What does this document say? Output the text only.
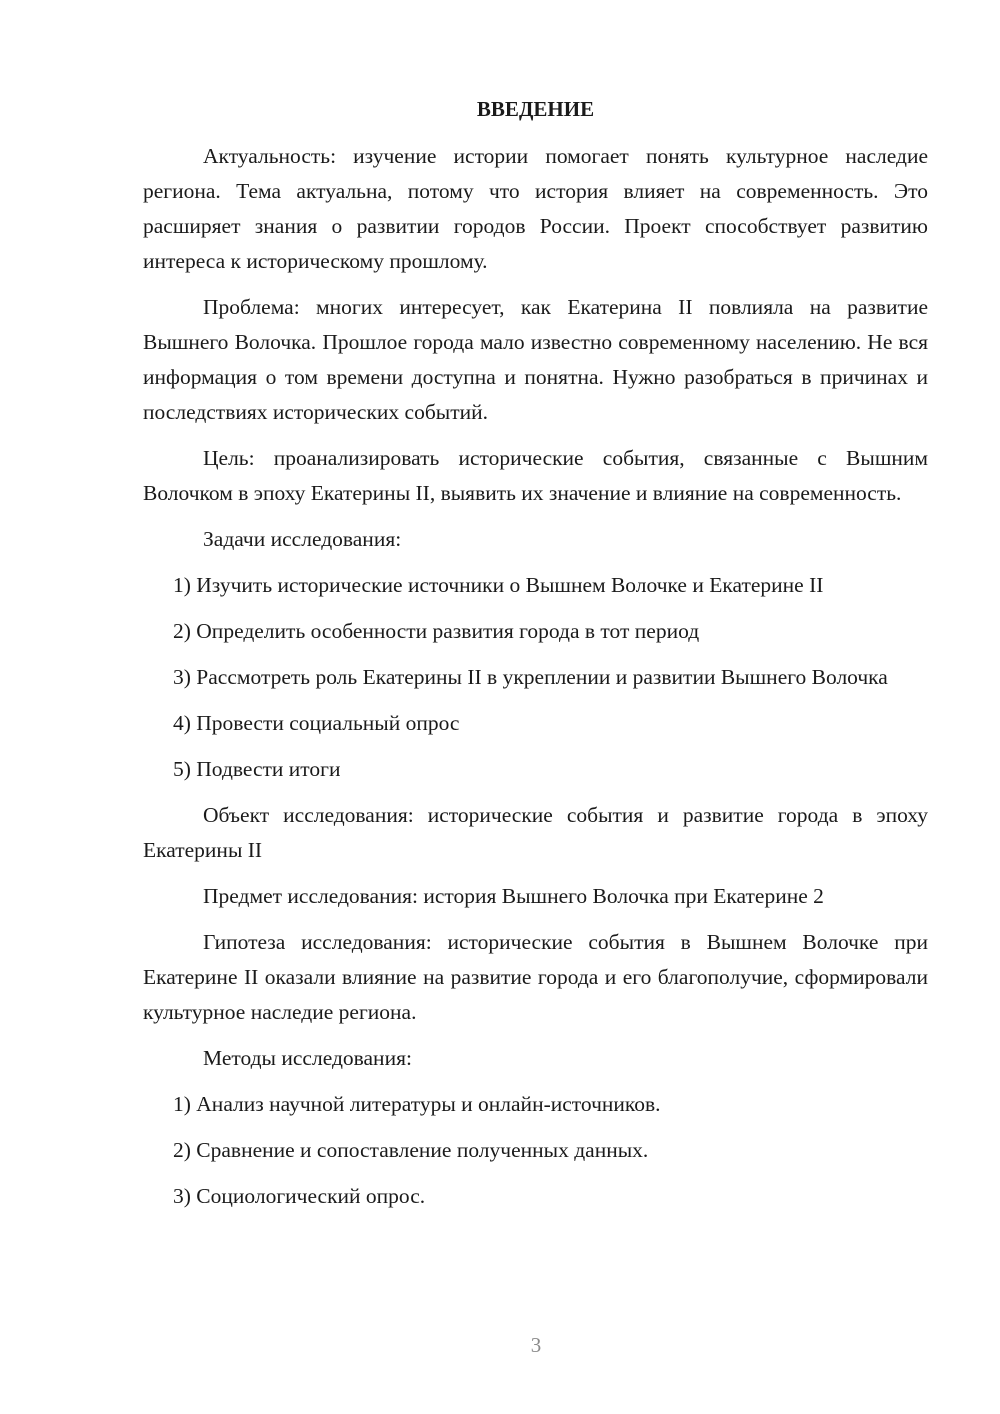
ВВЕДЕНИЕ
Актуальность: изучение истории помогает понять культурное наследие региона. Тема актуальна, потому что история влияет на современность. Это расширяет знания о развитии городов России. Проект способствует развитию интереса к историческому прошлому.
Проблема: многих интересует, как Екатерина II повлияла на развитие Вышнего Волочка. Прошлое города мало известно современному населению. Не вся информация о том времени доступна и понятна. Нужно разобраться в причинах и последствиях исторических событий.
Цель: проанализировать исторические события, связанные с Вышним Волочком в эпоху Екатерины II, выявить их значение и влияние на современность.
Задачи исследования:
1) Изучить исторические источники о Вышнем Волочке и Екатерине II
2) Определить особенности развития города в тот период
3) Рассмотреть роль Екатерины II в укреплении и развитии Вышнего Волочка
4) Провести социальный опрос
5) Подвести итоги
Объект исследования: исторические события и развитие города в эпоху Екатерины II
Предмет исследования: история Вышнего Волочка при Екатерине 2
Гипотеза исследования: исторические события в Вышнем Волочке при Екатерине II оказали влияние на развитие города и его благополучие, сформировали культурное наследие региона.
Методы исследования:
1) Анализ научной литературы и онлайн-источников.
2) Сравнение и сопоставление полученных данных.
3) Социологический опрос.
3
